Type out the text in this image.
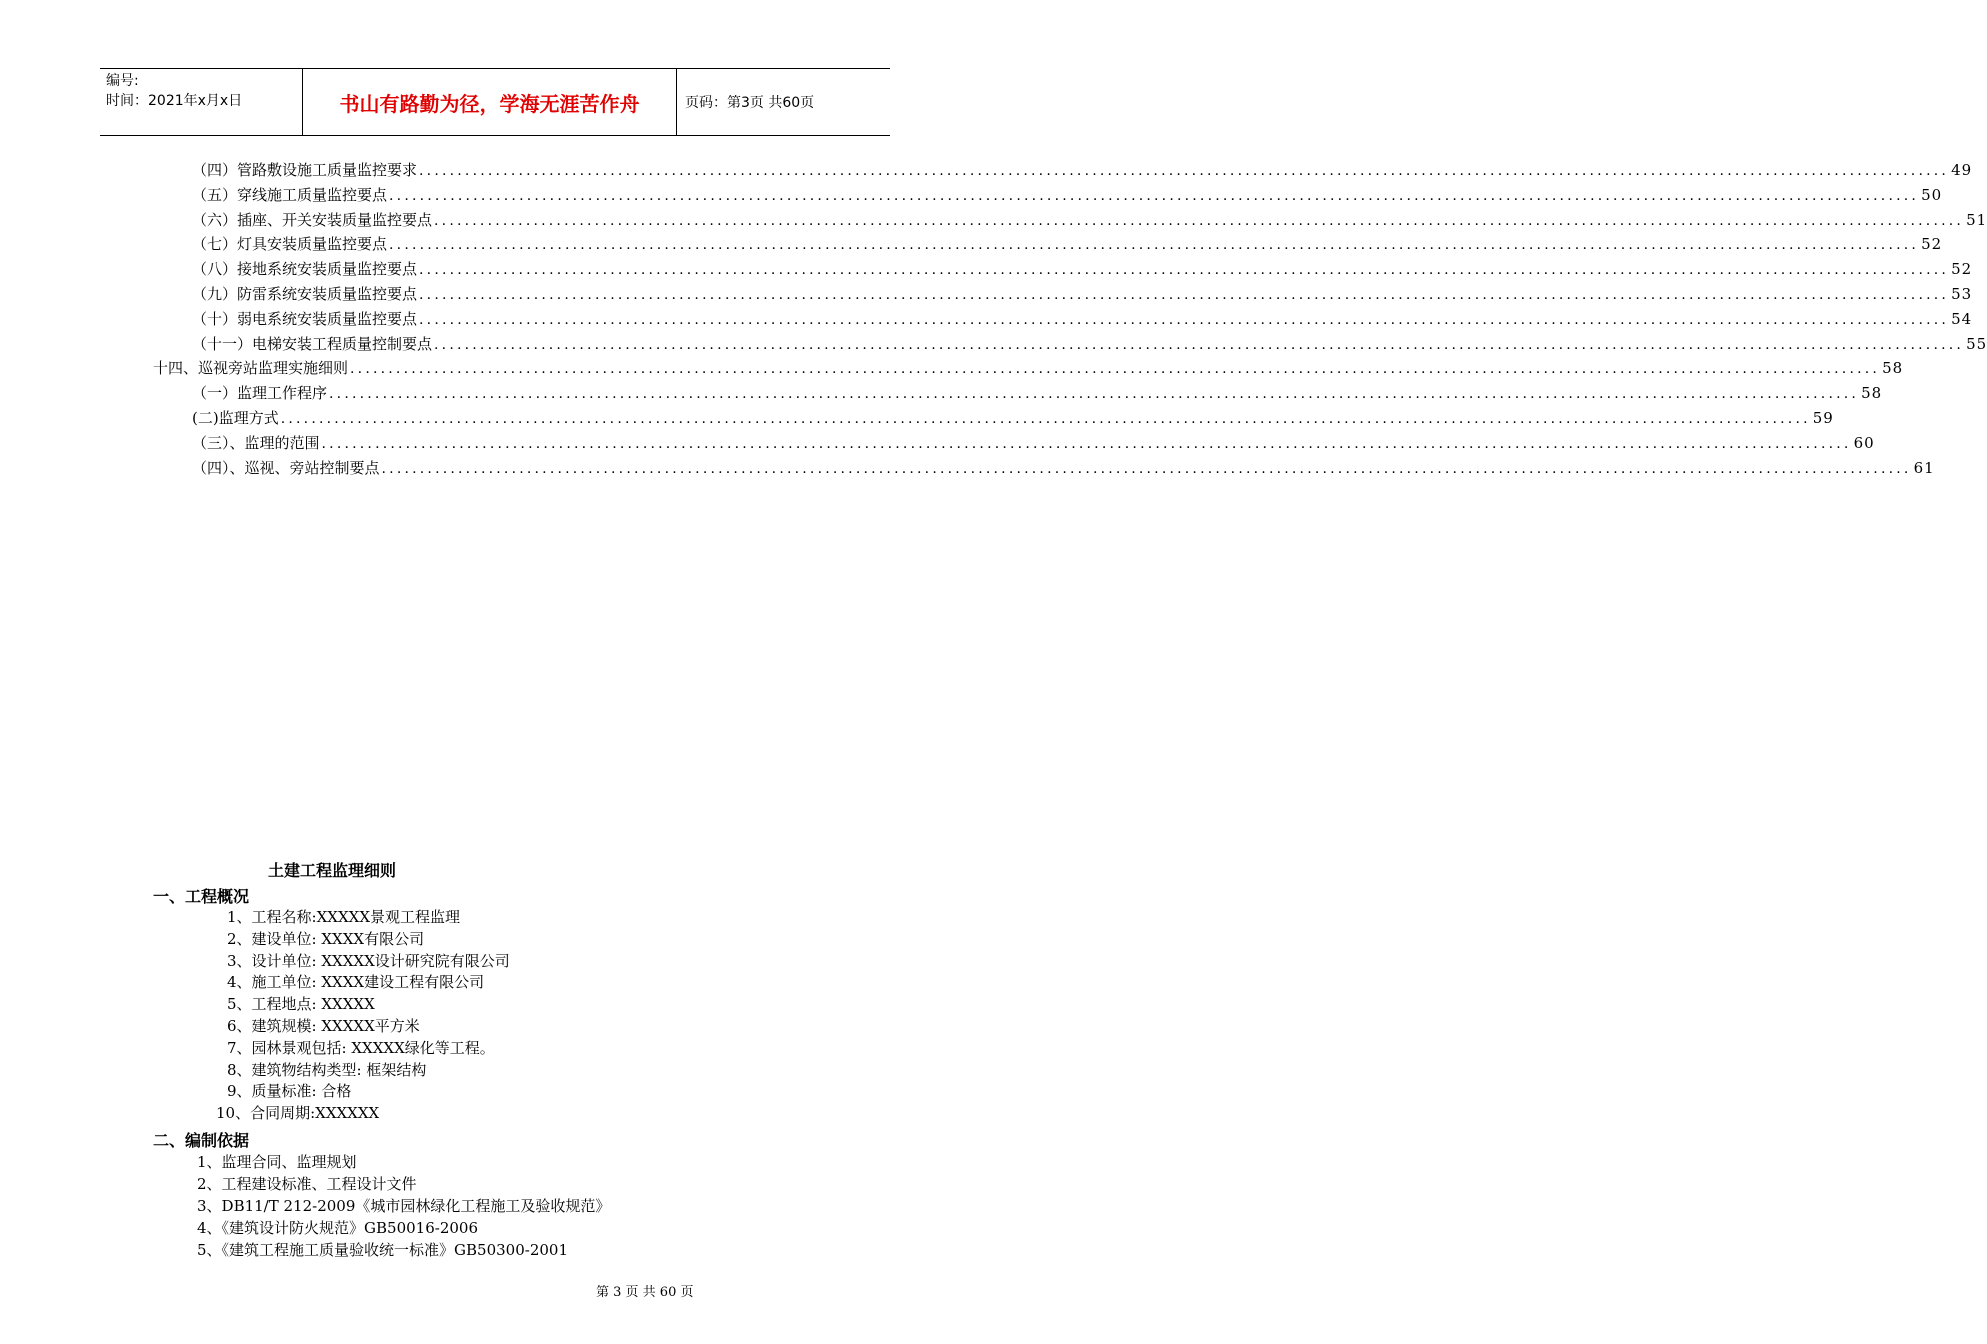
编号:
时间：2021年x月x日	书山有路勤为径，学海无涯苦作舟	页码：第3页 共60页
（四）管路敷设施工质量监控要求 ........................................................................................................................................................................................................ 49
（五）穿线施工质量监控要点 ........................................................................................................................................................................................................ 50
（六）插座、开关安装质量监控要点 ........................................................................................................................................................................................................ 51
（七）灯具安装质量监控要点 ........................................................................................................................................................................................................ 52
（八）接地系统安装质量监控要点 ........................................................................................................................................................................................................ 52
（九）防雷系统安装质量监控要点 ........................................................................................................................................................................................................ 53
（十）弱电系统安装质量监控要点 ........................................................................................................................................................................................................ 54
（十一）电梯安装工程质量控制要点 ........................................................................................................................................................................................................ 55
十四、巡视旁站监理实施细则 ........................................................................................................................................................................................................ 58
（一）监理工作程序 ........................................................................................................................................................................................................ 58
(二)监理方式 ........................................................................................................................................................................................................ 59
（三）、监理的范围 ........................................................................................................................................................................................................ 60
（四）、巡视、旁站控制要点 ........................................................................................................................................................................................................ 61
土建工程监理细则
一、工程概况
1、工程名称:XXXXX景观工程监理
2、建设单位: XXXX有限公司
3、设计单位: XXXXX设计研究院有限公司
4、施工单位: XXXX建设工程有限公司
5、工程地点: XXXXX
6、建筑规模: XXXXX平方米
7、园林景观包括: XXXXX绿化等工程。
8、建筑物结构类型: 框架结构
9、质量标准: 合格
10、合同周期:XXXXXX
二、编制依据
1、监理合同、监理规划
2、工程建设标准、工程设计文件
3、DB11/T 212-2009《城市园林绿化工程施工及验收规范》
4、《建筑设计防火规范》GB50016-2006
5、《建筑工程施工质量验收统一标准》GB50300-2001
第 3 页 共 60 页
